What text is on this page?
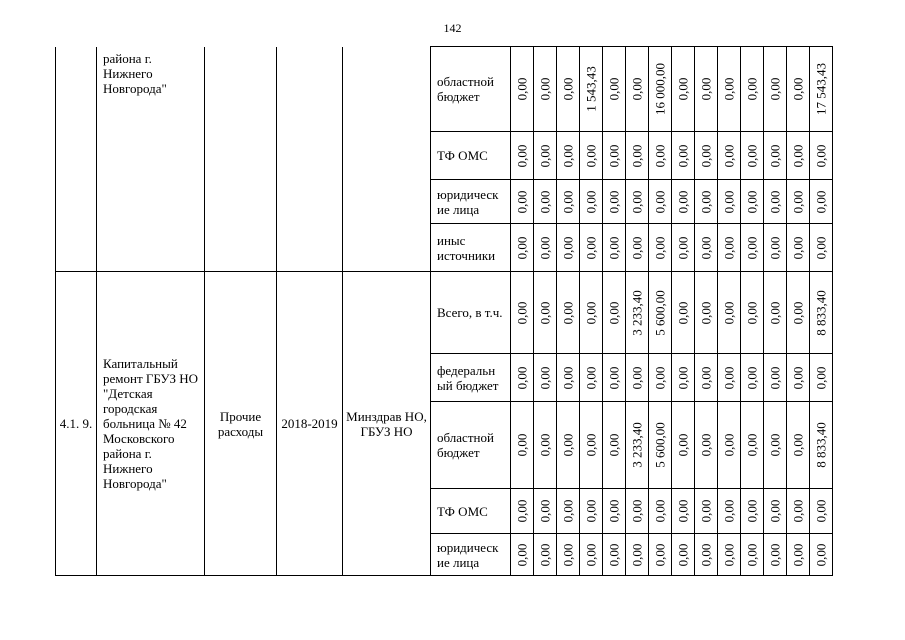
142
	района г. Нижнего Новгорода"				областной бюджет	0,00	0,00	0,00	1 543,43	0,00	0,00	16 000,00	0,00	0,00	0,00	0,00	0,00	0,00	17 543,43

					ТФ ОМС	0,00	0,00	0,00	0,00	0,00	0,00	0,00	0,00	0,00	0,00	0,00	0,00	0,00	0,00

					юридическ ие лица	0,00	0,00	0,00	0,00	0,00	0,00	0,00	0,00	0,00	0,00	0,00	0,00	0,00	0,00

					иныс источники	0,00	0,00	0,00	0,00	0,00	0,00	0,00	0,00	0,00	0,00	0,00	0,00	0,00	0,00

4.1. 9.	Капитальный ремонт ГБУЗ НО "Детская городская больница № 42 Московского района г. Нижнего Новгорода"	Прочие расходы	2018-2019	Минздрав НО, ГБУЗ НО	Всего, в т.ч.	0,00	0,00	0,00	0,00	0,00	3 233,40	5 600,00	0,00	0,00	0,00	0,00	0,00	0,00	8 833,40

					федеральн ый бюджет	0,00	0,00	0,00	0,00	0,00	0,00	0,00	0,00	0,00	0,00	0,00	0,00	0,00	0,00

					областной бюджет	0,00	0,00	0,00	0,00	0,00	3 233,40	5 600,00	0,00	0,00	0,00	0,00	0,00	0,00	8 833,40

					ТФ ОМС	0,00	0,00	0,00	0,00	0,00	0,00	0,00	0,00	0,00	0,00	0,00	0,00	0,00	0,00

					юридическ ие лица	0,00	0,00	0,00	0,00	0,00	0,00	0,00	0,00	0,00	0,00	0,00	0,00	0,00	0,00
